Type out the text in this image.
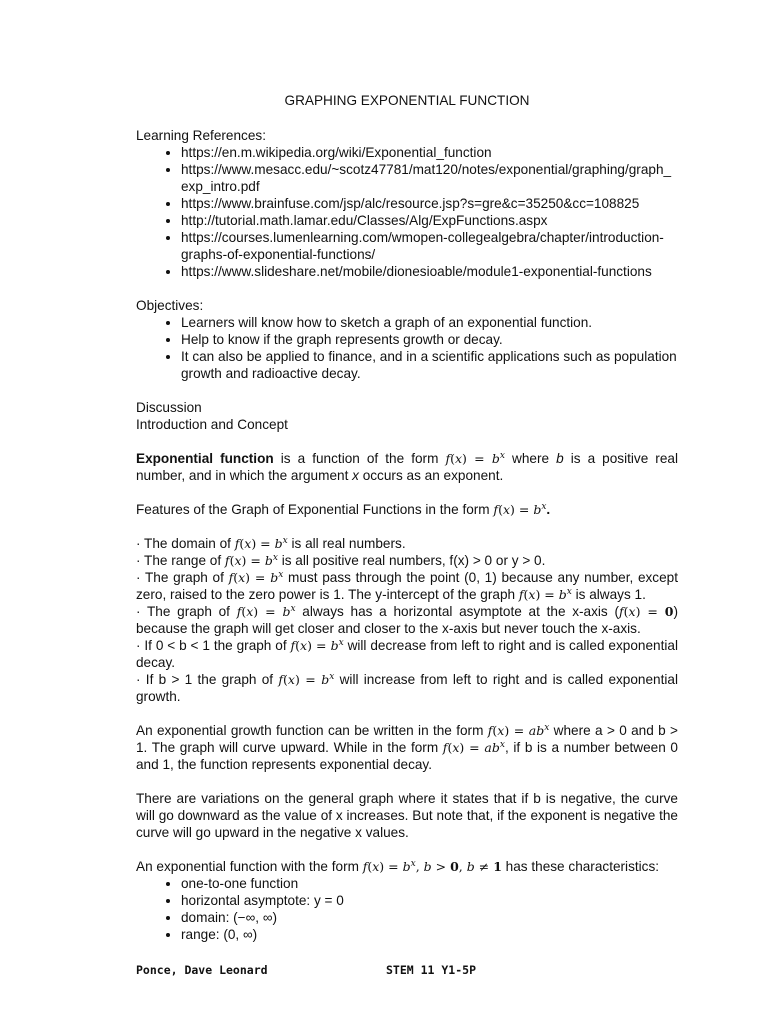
GRAPHING EXPONENTIAL FUNCTION

Learning References:

• https://en.m.wikipedia.org/wiki/Exponential_function
• https://www.mesacc.edu/~scotz47781/mat120/notes/exponential/graphing/graph_exp_intro.pdf
• https://www.brainfuse.com/jsp/alc/resource.jsp?s=gre&c=35250&cc=108825
• http://tutorial.math.lamar.edu/Classes/Alg/ExpFunctions.aspx
• https://courses.lumenlearning.com/wmopen-collegealgebra/chapter/introduction-graphs-of-exponential-functions/
• https://www.slideshare.net/mobile/dionesioable/module1-exponential-functions

Objectives:

• Learners will know how to sketch a graph of an exponential function.
• Help to know if the graph represents growth or decay.
• It can also be applied to finance, and in a scientific applications such as population growth and radioactive decay.

Discussion

Introduction and Concept

Exponential function is a function of the form $f(x) = b^x$ where b is a positive real number, and in which the argument x occurs as an exponent.

Features of the Graph of Exponential Functions in the form $f(x) = b^x$.

· The domain of $f(x) = b^x$ is all real numbers.

· The range of $f(x) = b^x$ is all positive real numbers, f(x) > 0 or y > 0.

· The graph of $f(x) = b^x$ must pass through the point (0, 1) because any number, except zero, raised to the zero power is 1. The y-intercept of the graph $f(x) = b^x$ is always 1.

· The graph of $f(x) = b^x$ always has a horizontal asymptote at the x-axis (f(x) = 0) because the graph will get closer and closer to the x-axis but never touch the x-axis.

· If 0 < b < 1 the graph of $f(x) = b^x$ will decrease from left to right and is called exponential decay.

· If b > 1 the graph of $f(x) = b^x$ will increase from left to right and is called exponential growth.

An exponential growth function can be written in the form $f(x) = ab^x$ where a > 0 and b > 1. The graph will curve upward. While in the form $f(x) = ab^x$, if b is a number between 0 and 1, the function represents exponential decay.

There are variations on the general graph where it states that if b is negative, the curve will go downward as the value of x increases. But note that, if the exponent is negative the curve will go upward in the negative x values.

An exponential function with the form $f(x) = b^x$, b > 0, b ≠ 1 has these characteristics:

• one-to-one function
• horizontal asymptote: y = 0
• domain: (−∞, ∞)
• range: (0, ∞)
Ponce, Dave Leonard	STEM 11 Y1-5P
